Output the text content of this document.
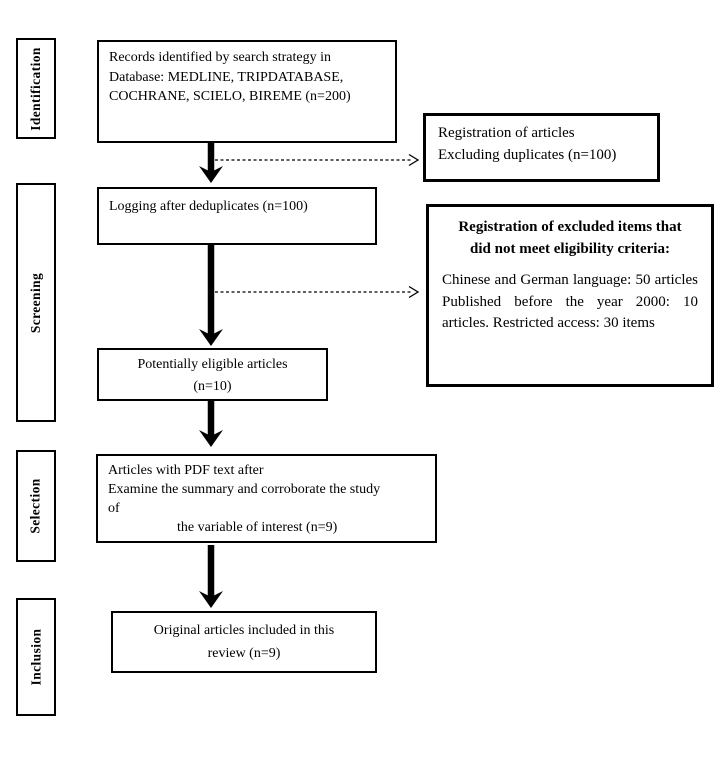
Identification
Screening
Selection
Inclusion
Records identified by search strategy in
Database: MEDLINE, TRIPDATABASE,
COCHRANE, SCIELO, BIREME (n=200)
Registration of articles
Excluding duplicates (n=100)
Logging after deduplicates (n=100)
Registration of excluded items that
did not meet eligibility criteria:
Chinese and German language: 50 articles Published before the year 2000: 10 articles. Restricted access: 30 items
Potentially eligible articles
(n=10)
Articles with PDF text after
Examine the summary and corroborate the study
of
the variable of interest (n=9)
Original articles included in this
review (n=9)
